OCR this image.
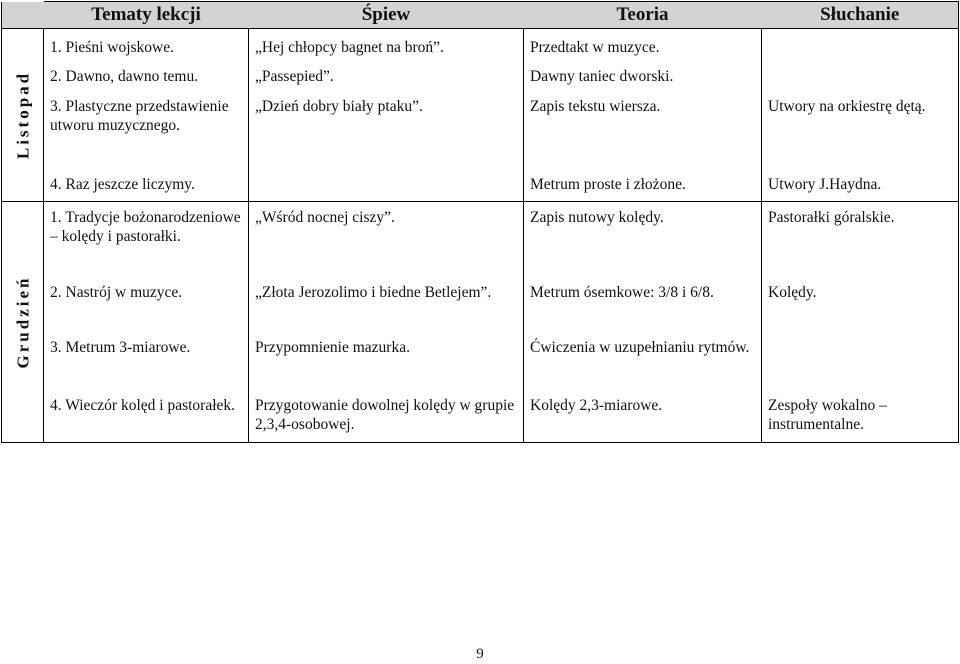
	Tematy lekcji	Śpiew	Teoria	Słuchanie

Listopad	1. Pieśni wojskowe.	„Hej chłopcy bagnet na broń”.	Przedtakt w muzyce.	
	2. Dawno, dawno temu.	„Passepied”.	Dawny taniec dworski.	
	3. Plastyczne przedstawienie utworu muzycznego.	„Dzień dobry biały ptaku”.	Zapis tekstu wiersza.	Utwory na orkiestrę dętą.
	4. Raz jeszcze liczymy.		Metrum proste i złożone.	Utwory J.Haydna.

Grudzień	1. Tradycje bożonarodzeniowe – kolędy i pastorałki.	„Wśród nocnej ciszy”.	Zapis nutowy kolędy.	Pastorałki góralskie.
	2. Nastrój w muzyce.	„Złota Jerozolimo i biedne Betlejem”.	Metrum ósemkowe: 3/8 i 6/8.	Kolędy.
	3. Metrum 3-miarowe.	Przypomnienie mazurka.	Ćwiczenia w uzupełnianiu rytmów.	
	4. Wieczór kolęd i pastorałek.	Przygotowanie dowolnej kolędy w grupie 2,3,4-osobowej.	Kolędy 2,3-miarowe.	Zespoły wokalno – instrumentalne.
9
